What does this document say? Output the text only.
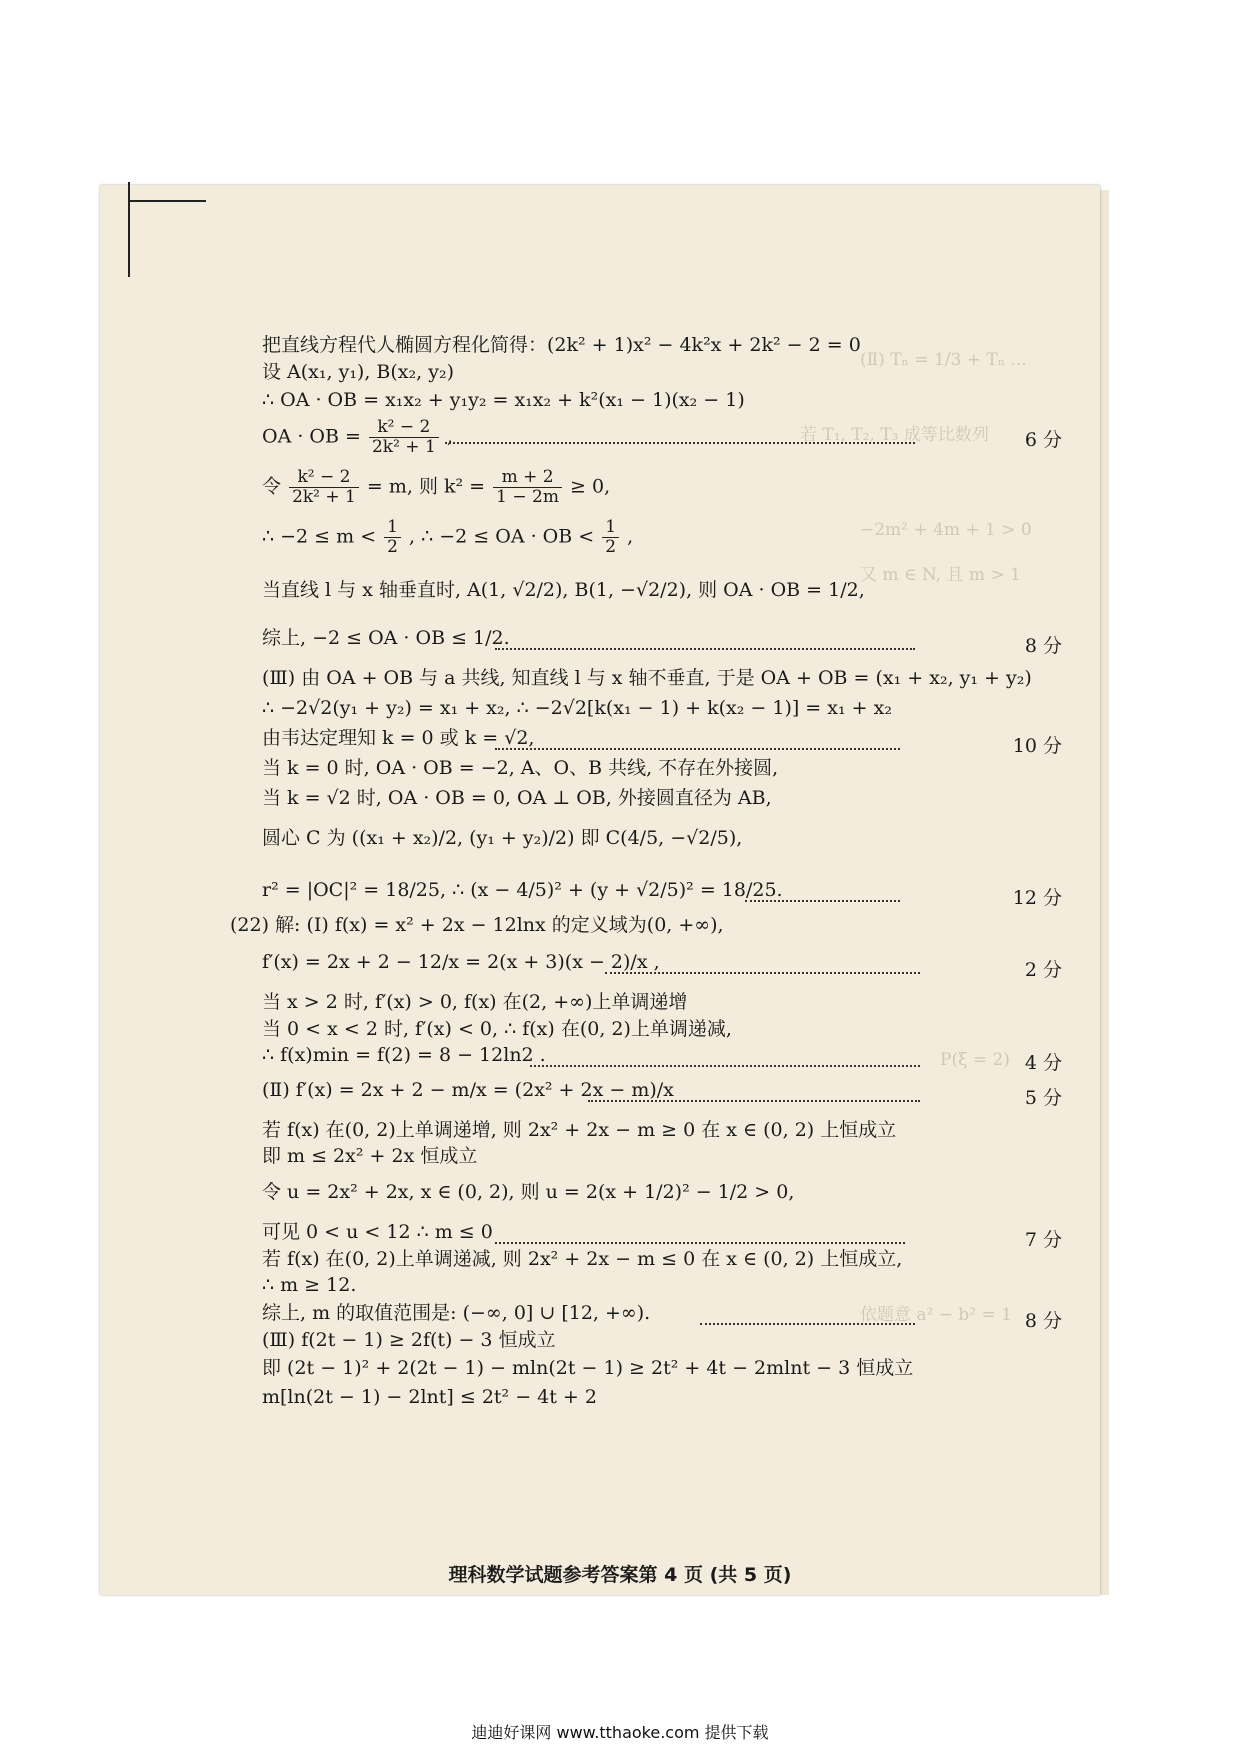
(Ⅱ) Tₙ = 1/3 + Tₙ ...
若 T₁, T₂, T₃ 成等比数列
−2m² + 4m + 1 > 0
又 m ∈ N, 且 m > 1
P(ξ = 2)
依题意 a² − b² = 1
把直线方程代人椭圆方程化简得：(2k² + 1)x² − 4k²x + 2k² − 2 = 0
设 A(x₁, y₁), B(x₂, y₂)
∴ OA · OB = x₁x₂ + y₁y₂ = x₁x₂ + k²(x₁ − 1)(x₂ − 1)
OA · OB = $\frac{\text{k² − 2}}{\text{2k² + 1}}$ ,	6 分
令 $\frac{\text{k² − 2}}{\text{2k² + 1}} = m$, 则 $k^2 = \frac{m + 2}{1 - 2m} \ge 0$,
∴ $-2 \le m < \frac{1}{2}$ , ∴ −2 ≤ OA · OB < $\frac{1}{2}$ ,
当直线 l 与 x 轴垂直时, A(1, √2/2), B(1, −√2/2), 则 OA · OB = 1/2,
综上, −2 ≤ OA · OB ≤ 1/2.	8 分
(Ⅲ) 由 OA + OB 与 a 共线, 知直线 l 与 x 轴不垂直, 于是 OA + OB = (x₁ + x₂, y₁ + y₂)
∴ −2√2(y₁ + y₂) = x₁ + x₂, ∴ −2√2[k(x₁ − 1) + k(x₂ − 1)] = x₁ + x₂
由韦达定理知 k = 0 或 k = √2,	10 分
当 k = 0 时, OA · OB = −2, A、O、B 共线, 不存在外接圆,
当 k = √2 时, OA · OB = 0, OA ⊥ OB, 外接圆直径为 AB,
圆心 C 为 ((x₁ + x₂)/2, (y₁ + y₂)/2) 即 C(4/5, −√2/5),
r² = |OC|² = 18/25, ∴ (x − 4/5)² + (y + √2/5)² = 18/25.	12 分
(22) 解: (Ⅰ) f(x) = x² + 2x − 12lnx 的定义域为(0, +∞),
f′(x) = 2x + 2 − 12/x = 2(x + 3)(x − 2)/x ,	2 分
当 x > 2 时, f′(x) > 0, f(x) 在(2, +∞)上单调递增
当 0 < x < 2 时, f′(x) < 0, ∴ f(x) 在(0, 2)上单调递减,
∴ f(x)min = f(2) = 8 − 12ln2 .	4 分
(Ⅱ) f′(x) = 2x + 2 − m/x = (2x² + 2x − m)/x	5 分
若 f(x) 在(0, 2)上单调递增, 则 2x² + 2x − m ≥ 0 在 x ∈ (0, 2) 上恒成立
即 m ≤ 2x² + 2x 恒成立
令 u = 2x² + 2x, x ∈ (0, 2), 则 u = 2(x + 1/2)² − 1/2 > 0,
可见 0 < u < 12 ∴ m ≤ 0	7 分
若 f(x) 在(0, 2)上单调递减, 则 2x² + 2x − m ≤ 0 在 x ∈ (0, 2) 上恒成立,
∴ m ≥ 12.
综上, m 的取值范围是: (−∞, 0] ∪ [12, +∞).	8 分
(Ⅲ) f(2t − 1) ≥ 2f(t) − 3 恒成立
即 (2t − 1)² + 2(2t − 1) − mln(2t − 1) ≥ 2t² + 4t − 2mlnt − 3 恒成立
m[ln(2t − 1) − 2lnt] ≤ 2t² − 4t + 2
理科数学试题参考答案第 4 页 (共 5 页)
迪迪好课网 www.tthaoke.com 提供下载
